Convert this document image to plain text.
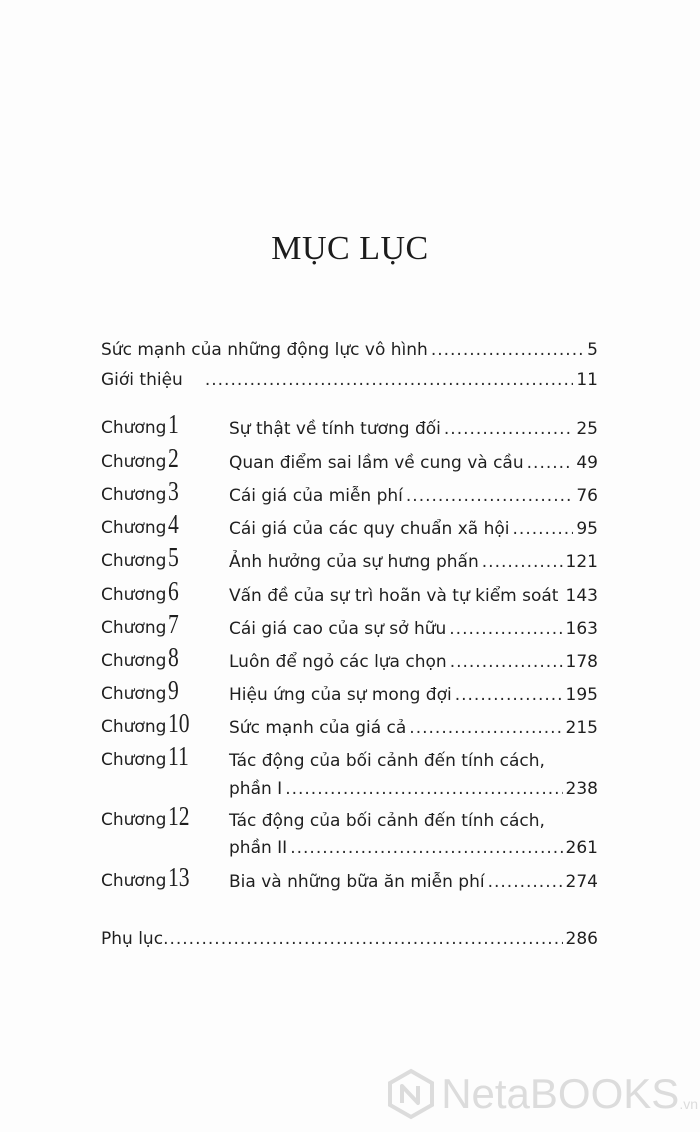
MỤC LỤC
Sức mạnh của những động lực vô hình .....	5
Giới thiệu .....	11
Chương 1	Sự thật về tính tương đối .....	25
Chương 2	Quan điểm sai lầm về cung và cầu .....	49
Chương 3	Cái giá của miễn phí .....	76
Chương 4	Cái giá của các quy chuẩn xã hội .....	95
Chương 5	Ảnh hưởng của sự hưng phấn .....	121
Chương 6	Vấn đề của sự trì hoãn và tự kiểm soát ..... 143
Chương 7	Cái giá cao của sự sở hữu .....	163
Chương 8	Luôn để ngỏ các lựa chọn .....	178
Chương 9	Hiệu ứng của sự mong đợi .....	195
Chương 10 Sức mạnh của giá cả .....	215
Chương 11 Tác động của bối cảnh đến tính cách,
phần I .....	238
Chương 12 Tác động của bối cảnh đến tính cách,
phần II .....	261
Chương 13 Bia và những bữa ăn miễn phí .....	274
Phụ lục .....	286
NetaBOOKS .vn
